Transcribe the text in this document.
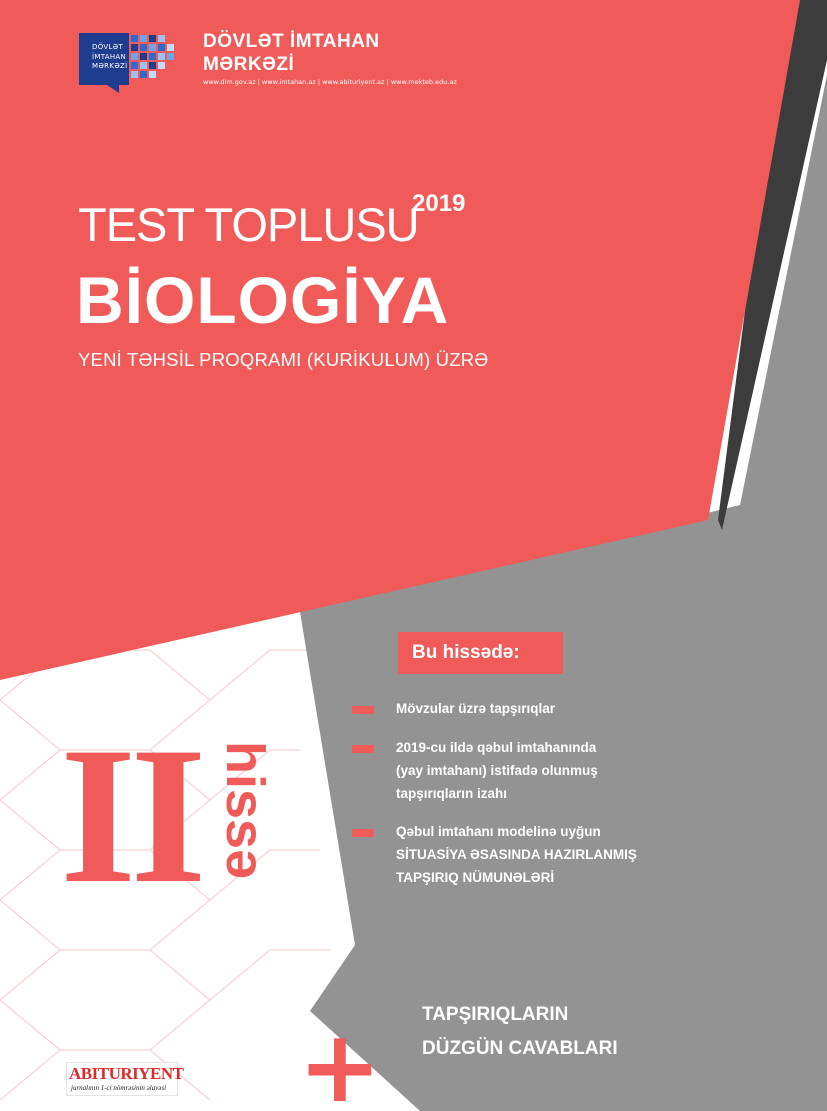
DÖVLƏT
İMTAHAN
MƏRKƏZİ
DÖVLƏT İMTAHAN
MƏRKƏZİ
www.dim.gov.az | www.imtahan.az | www.abituriyent.az | www.mekteb.edu.az
TEST TOPLUSU
2019
BİOLOGİYA
YENİ TƏHSİL PROQRAMI (KURİKULUM) ÜZRƏ
Bu hissədə:
Mövzular üzrə tapşırıqlar
2019-cu ildə qəbul imtahanında
(yay imtahanı) istifadə olunmuş
tapşırıqların izahı
Qəbul imtahanı modelinə uyğun
SİTUASİYA ƏSASINDA HAZIRLANMIŞ
TAPŞIRIQ NÜMUNƏLƏRİ
II hissə
+ TAPŞIRIQLARIN
DÜZGÜN CAVABLARI
ABITURIYENT
jurnalının 1-ci nömrəsinin əlavəsi
